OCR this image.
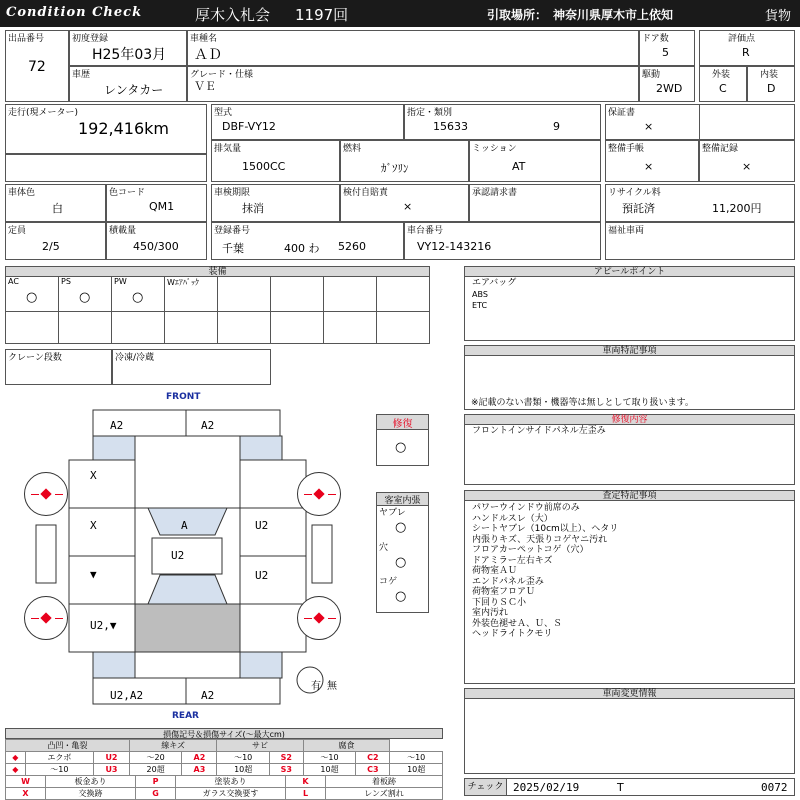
Condition Check	厚木入札会 1197回	引取場所： 神奈川県厚木市上依知	貨物
出品番号
72
初度登録
H25年03月
車種名
ＡＤ
ドア数
5
評価点
R
車歴
レンタカー
グレード・仕様
ＶＥ
駆動
2WD
外装
C
内装
D
走行(現メーター)
192,416km
型式
DBF-VY12
指定・類別
15633	9
保証書
×
排気量
1500CC
燃料
ｶﾞｿﾘﾝ
ミッション
AT
整備手帳
×
整備記録
×
車体色
白
色コード
QM1
車検期限
抹消
検付自賠責
×
承認請求書	リサイクル料
預託済	11,200円
定員
2/5
積載量
450/300
登録番号
千葉	400 わ 5260
車台番号
VY12-143216
福祉車両
装備
AC
○
PS
○
PW
○
Wｴｱﾊﾞｯｸ
クレーン段数	冷凍/冷蔵
アピールポイント
エアバッグ
ABS
ETC
車両特記事項
※記載のない書類・機器等は無しとして取り扱います。
修復内容
フロントインサイドパネル左歪み
査定特記事項
パワーウインドウ前席のみ
ハンドルスレ（大）
シートヤブレ（10cm以上）、ヘタリ
内張りキズ、天張りコゲヤニ汚れ
フロアカーペットコゲ（穴）
ドアミラー左右キズ
荷物室ＡＵ
エンドパネル歪み
荷物室フロアＵ
下回りＳＣ小
室内汚れ
外装色褪せＡ、Ｕ、Ｓ
ヘッドライトクモリ
車両変更情報
FRONT
REAR
A2	A2
X
X
▼
A
U2
U2
U2
U2,▼
U2,A2	A2
有 無
修復
○
客室内張
ヤブレ
○
穴
○
コゲ
○
損傷記号＆損傷サイズ(〜最大cm)
凸凹・亀裂			線キズ		サビ		腐食		
◆	エクボ	U2	〜20	A2	〜10	S2	〜10	C2	〜10
◆	〜10	U3	20超	A3	10超	S3	10超	C3	10超
W	板金あり	P	塗装あり	K	着板跡
X	交換跡	G	ガラス交換要す	L	レンズ割れ
チェック 2025/02/19	T	0072
